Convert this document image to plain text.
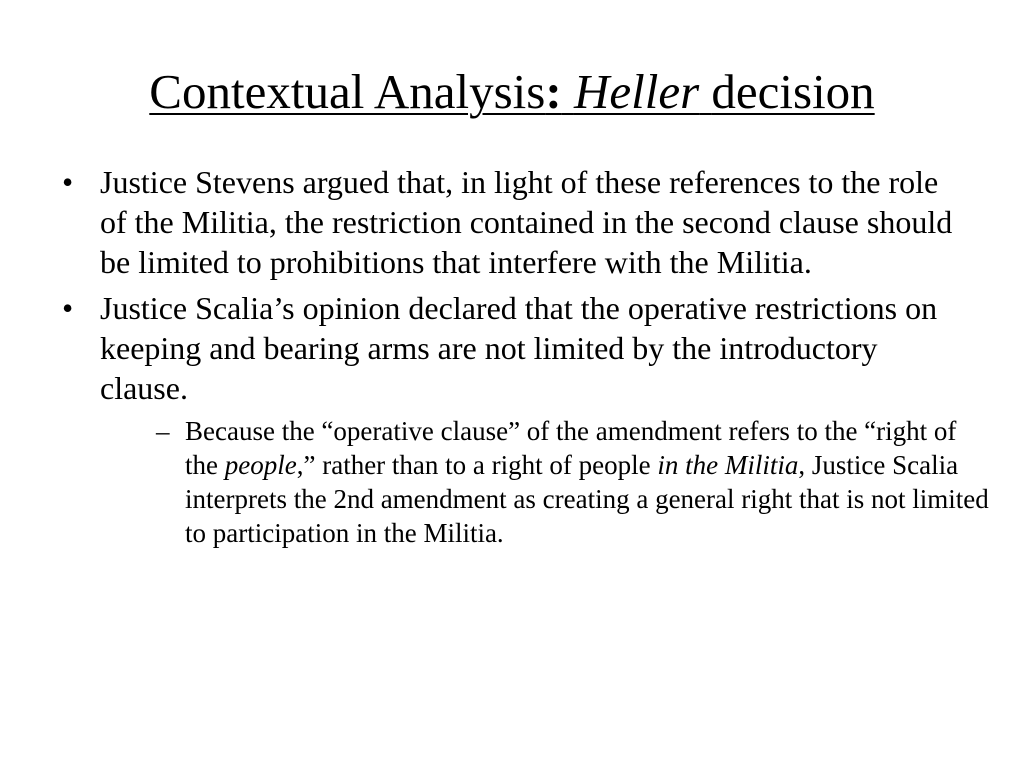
Contextual Analysis: Heller decision
• Justice Stevens argued that, in light of these references to the role of the Militia, the restriction contained in the second clause should be limited to prohibitions that interfere with the Militia.
• Justice Scalia’s opinion declared that the operative restrictions on keeping and bearing arms are not limited by the introductory clause.
– Because the “operative clause” of the amendment refers to the “right of the people,” rather than to a right of people in the Militia, Justice Scalia interprets the 2nd amendment as creating a general right that is not limited to participation in the Militia.
